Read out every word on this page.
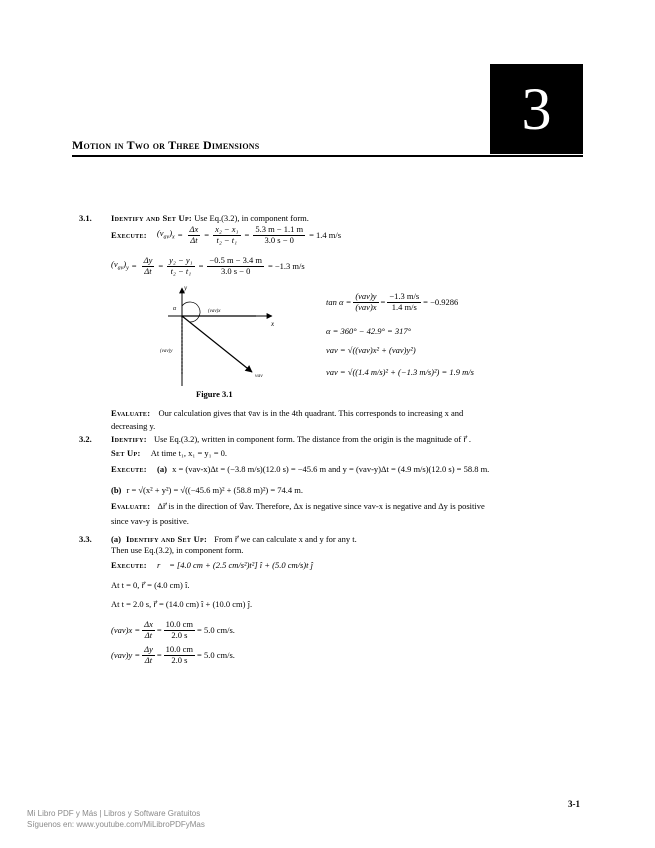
3
Motion in Two or Three Dimensions
3.1. Identify and Set Up: Use Eq.(3.2), in component form.
Execute: $(v_{av})_x = \frac{\Delta x}{\Delta t} = \frac{\text{x₂ − x₁}}{\text{t₂ − t₁}} = \frac{5.3 m - 1.1 m}{3.0 s - 0} = 1.4$ m/s
$(v_{av})_y = \frac{\Delta y}{\Delta t} = \frac{\text{y₂ − y₁}}{\text{t₂ − t₁}} = \frac{-0.5 m - 3.4 m}{3.0 s - 0} = -1.3$ m/s
y
x
α	(vav)x
(vav)y
vav
Figure 3.1
$\tan \alpha = \frac{\text{(vav)y}}{\text{(vav)x}} = \frac{-1.3 m/s}{1.4 m/s} = -0.9286$
α = 360° − 42.9° = 317°
vav = √((vav)x² + (vav)y²)
vav = √((1.4 m/s)² + (−1.3 m/s)²) = 1.9 m/s
Evaluate: Our calculation gives that v̄av is in the 4th quadrant. This corresponds to increasing x and
decreasing y.
3.2. Identify: Use Eq.(3.2), written in component form. The distance from the origin is the magnitude of r⃗ .
Set Up: At time t₁, x₁ = y₁ = 0.
Execute: (a) x = (vav-x)Δt = (−3.8 m/s)(12.0 s) = −45.6 m and y = (vav-y)Δt = (4.9 m/s)(12.0 s) = 58.8 m.
(b) r = √(x² + y²) = √((−45.6 m)² + (58.8 m)²) = 74.4 m.
Evaluate: Δr⃗ is in the direction of v⃗av. Therefore, Δx is negative since vav-x is negative and Δy is positive
since vav-y is positive.
3.3. (a) Identify and Set Up: From r⃗ we can calculate x and y for any t.
Then use Eq.(3.2), in component form.
Execute: r⃗ = [4.0 cm + (2.5 cm/s²)t²] î + (5.0 cm/s)t ĵ
At t = 0, r⃗ = (4.0 cm) î.
At t = 2.0 s, r⃗ = (14.0 cm) î + (10.0 cm) ĵ.
$(vav)x = \frac{\Delta x}{\Delta t} = \frac{10.0 cm}{2.0 s} = 5.0$ cm/s.
$(vav)y = \frac{\Delta y}{\Delta t} = \frac{10.0 cm}{2.0 s} = 5.0$ cm/s.
3-1
Mi Libro PDF y Más | Libros y Software Gratuitos
Síguenos en: www.youtube.com/MiLibroPDFyMas
